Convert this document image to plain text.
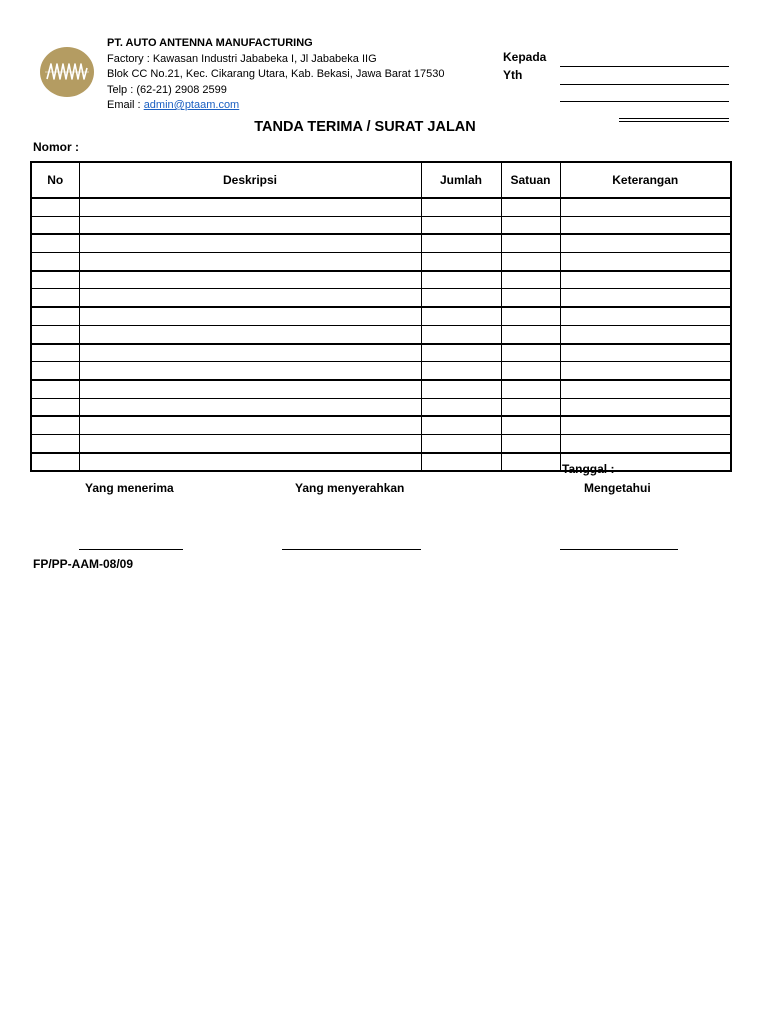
PT. AUTO ANTENNA MANUFACTURING
Factory : Kawasan Industri Jababeka I, Jl Jababeka IIG
Blok CC No.21, Kec. Cikarang Utara, Kab. Bekasi, Jawa Barat 17530
Telp : (62-21) 2908 2599
Email : admin@ptaam.com
Kepada
Yth
TANDA TERIMA / SURAT JALAN
Nomor :
No	Deskripsi	Jumlah	Satuan	Keterangan

Tanggal :
Yang menerima	Yang menyerahkan	Mengetahui
FP/PP-AAM-08/09
